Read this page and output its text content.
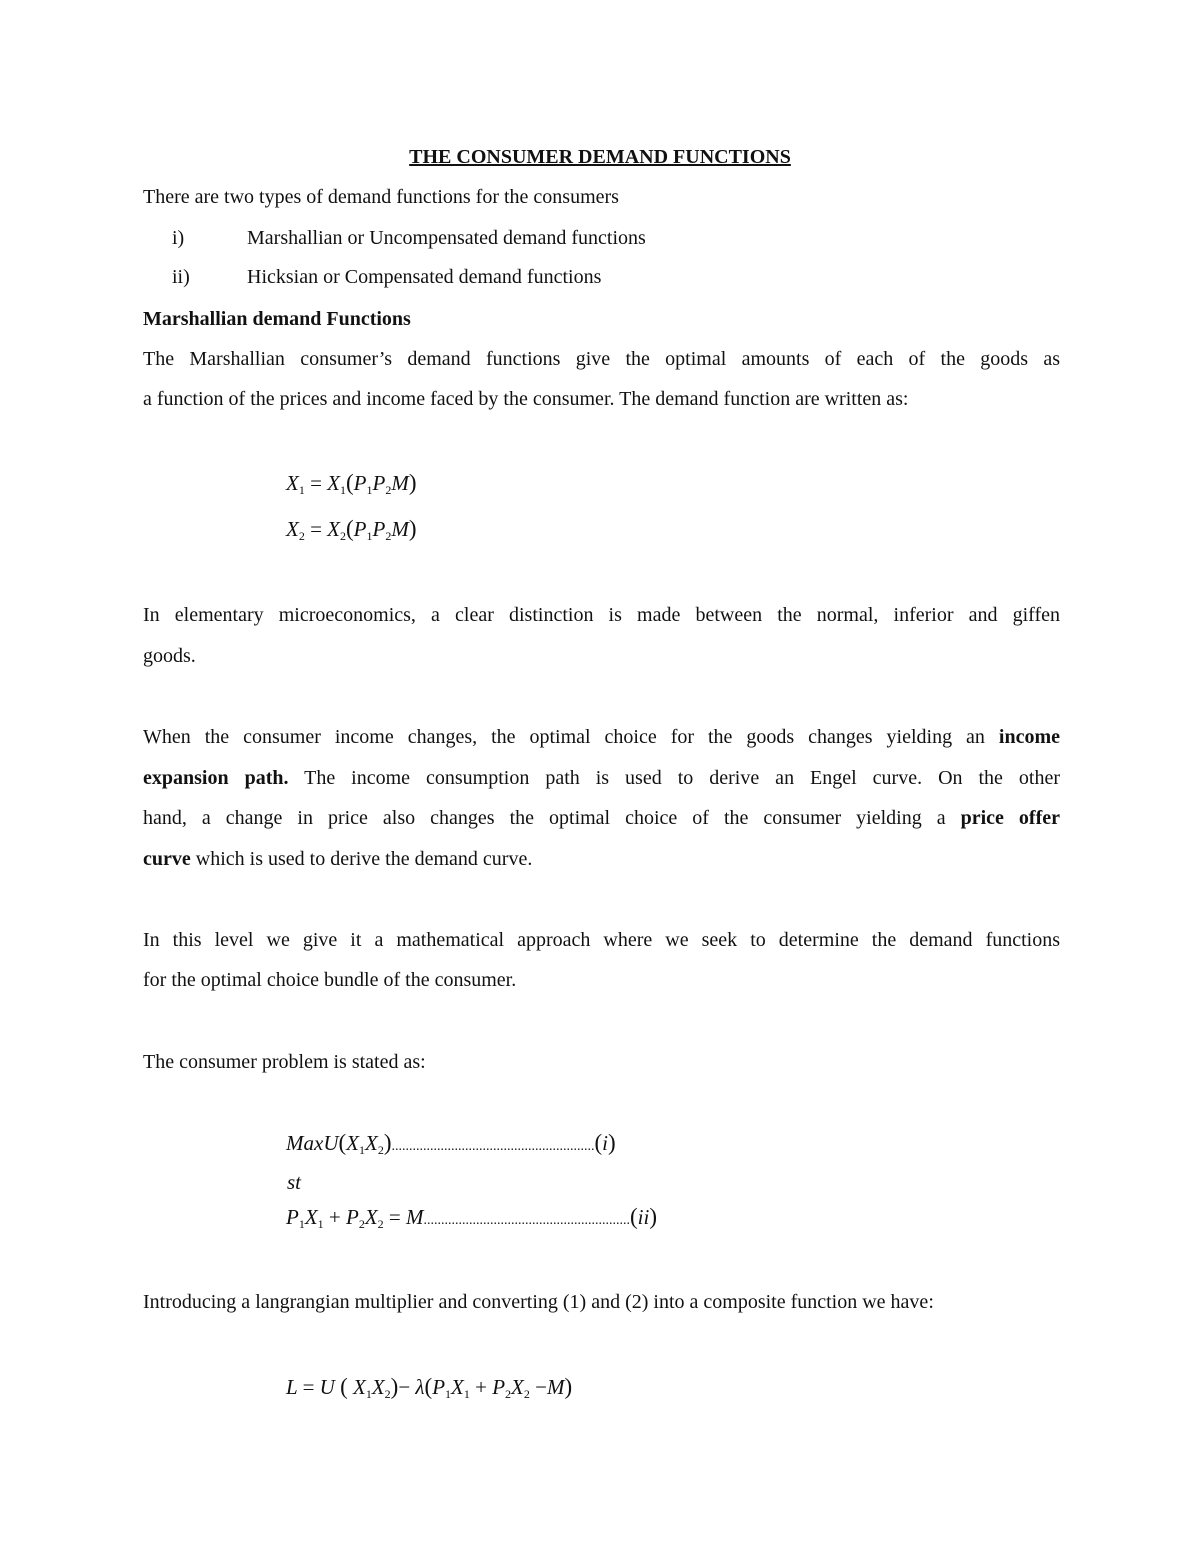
THE CONSUMER DEMAND FUNCTIONS
There are two types of demand functions for the consumers
i)	Marshallian or Uncompensated demand functions
ii)	Hicksian or Compensated demand functions
Marshallian demand Functions
The Marshallian consumer’s demand functions give the optimal amounts of each of the goods as
a function of the prices and income faced by the consumer. The demand function are written as:
$X_1 = X_1(P_1P_2M)$
$X_2 = X_2(P_1P_2M)$
In elementary microeconomics, a clear distinction is made between the normal, inferior and giffen
goods.
When the consumer income changes, the optimal choice for the goods changes yielding an income
expansion path. The income consumption path is used to derive an Engel curve. On the other
hand, a change in price also changes the optimal choice of the consumer yielding a price offer
curve which is used to derive the demand curve.
In this level we give it a mathematical approach where we seek to determine the demand functions
for the optimal choice bundle of the consumer.
The consumer problem is stated as:
$MaxU(X_1X_2)..........................................................(i)$
st
$P_1X_1 + P_2X_2 = M...........................................................(ii)$
Introducing a langrangian multiplier and converting (1) and (2) into a composite function we have:
L = U ( $X_1X_2)- \lambda(P_1X_1 + P_2X_2 -M)$
